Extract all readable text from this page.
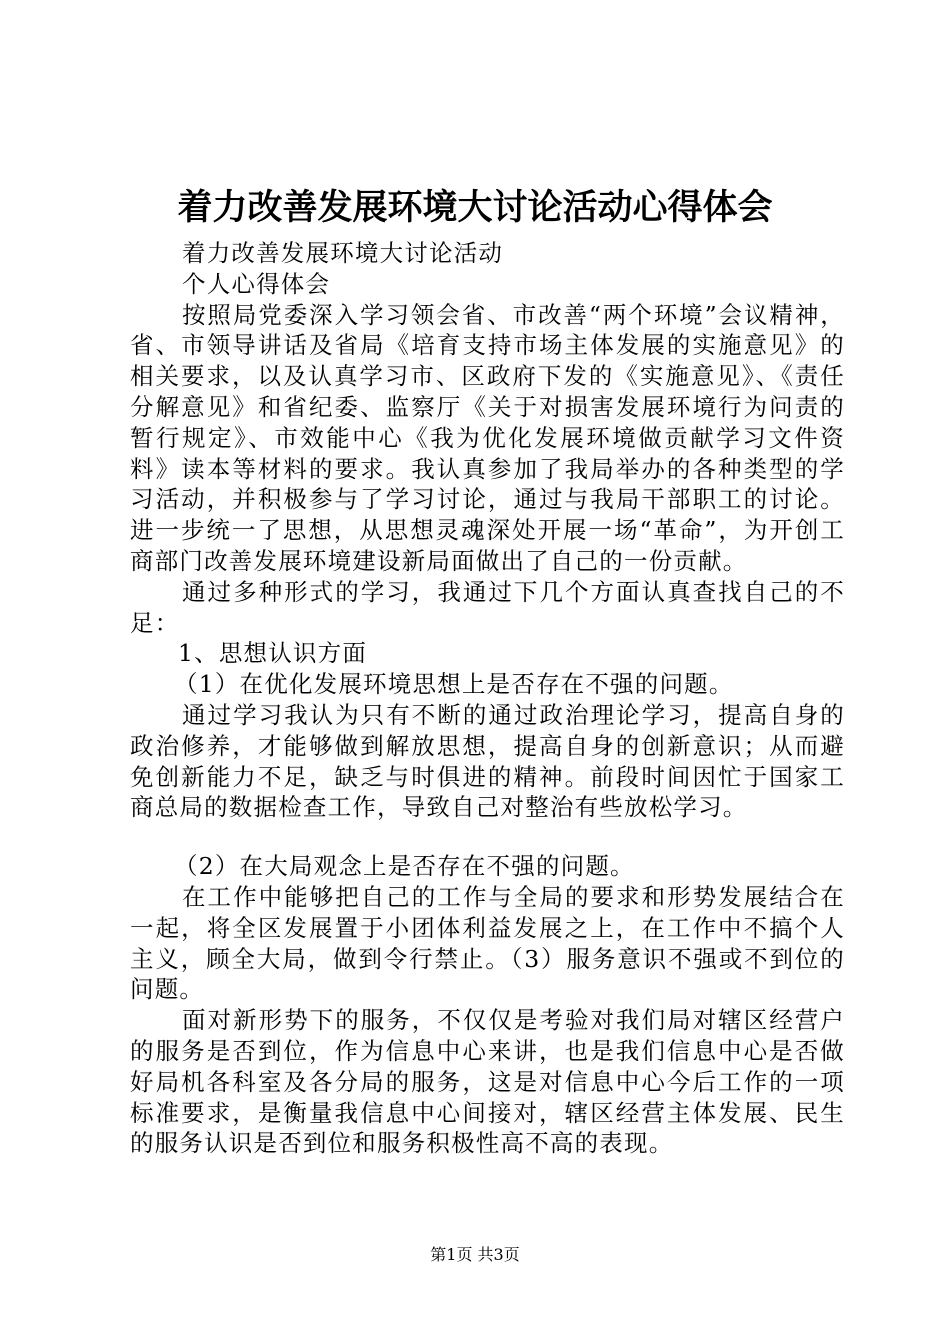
着力改善发展环境大讨论活动心得体会

着力改善发展环境大讨论活动

个人心得体会

按照局党委深入学习领会省、市改善“两个环境”会议精神，省、市领导讲话及省局《培育支持市场主体发展的实施意见》的相关要求，以及认真学习市、区政府下发的《实施意见》、《责任分解意见》和省纪委、监察厅《关于对损害发展环境行为问责的暂行规定》、市效能中心《我为优化发展环境做贡献学习文件资料》读本等材料的要求。我认真参加了我局举办的各种类型的学习活动，并积极参与了学习讨论，通过与我局干部职工的讨论。进一步统一了思想，从思想灵魂深处开展一场“革命”，为开创工商部门改善发展环境建设新局面做出了自己的一份贡献。

通过多种形式的学习，我通过下几个方面认真查找自己的不足：

1、思想认识方面

（1）在优化发展环境思想上是否存在不强的问题。

通过学习我认为只有不断的通过政治理论学习，提高自身的政治修养，才能够做到解放思想，提高自身的创新意识；从而避免创新能力不足，缺乏与时俱进的精神。前段时间因忙于国家工商总局的数据检查工作，导致自己对整治有些放松学习。

（2）在大局观念上是否存在不强的问题。

在工作中能够把自己的工作与全局的要求和形势发展结合在一起，将全区发展置于小团体利益发展之上，在工作中不搞个人主义，顾全大局，做到令行禁止。（3）服务意识不强或不到位的问题。

面对新形势下的服务，不仅仅是考验对我们局对辖区经营户的服务是否到位，作为信息中心来讲，也是我们信息中心是否做好局机各科室及各分局的服务，这是对信息中心今后工作的一项标准要求，是衡量我信息中心间接对，辖区经营主体发展、民生的服务认识是否到位和服务积极性高不高的表现。

第1页 共3页
